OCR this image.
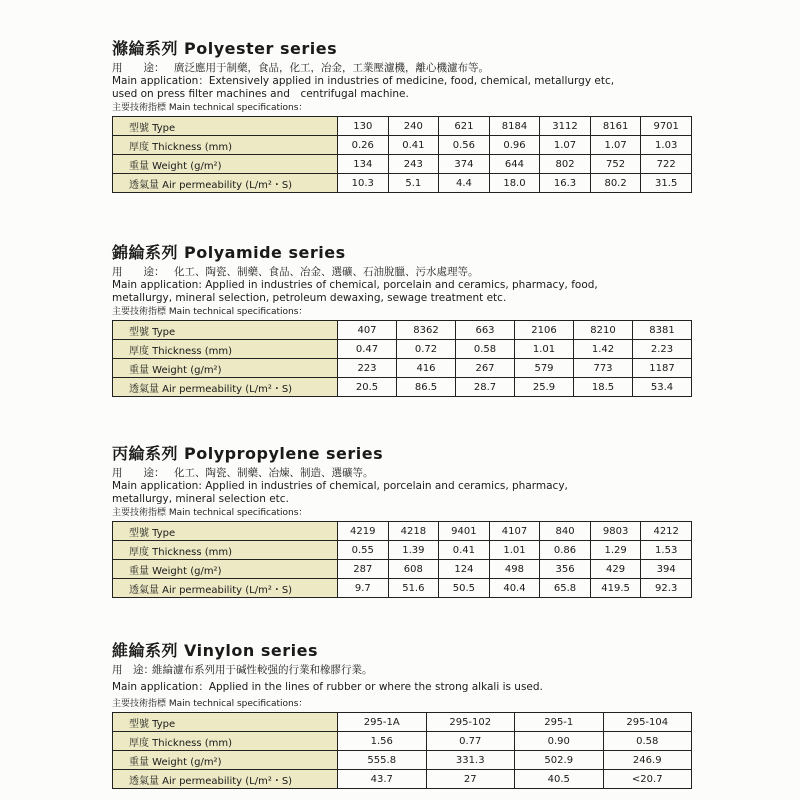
滌綸系列 Polyester series

用　　途： 廣泛應用于制藥，食品，化工，冶金，工業壓濾機，離心機濾布等。

Main application：Extensively applied in industries of medicine, food, chemical, metallurgy etc,

used on press filter machines and　centrifugal machine.

主要技術指標 Main technical specifications：

型號 Type	130	240	621	8184	3112	8161	9701
厚度 Thickness (mm)	0.26	0.41	0.56	0.96	1.07	1.07	1.03
重量 Weight (g/m²)	134	243	374	644	802	752	722
透氣量 Air permeability (L/m²・S)	10.3	5.1	4.4	18.0	16.3	80.2	31.5
錦綸系列 Polyamide series

用　　途： 化工、陶瓷、制藥、食品、冶金、選礦、石油脫臘、污水處理等。

Main application: Applied in industries of chemical, porcelain and ceramics, pharmacy, food,

metallurgy, mineral selection, petroleum dewaxing, sewage treatment etc.

主要技術指標 Main technical specifications：

型號 Type	407	8362	663	2106	8210	8381
厚度 Thickness (mm)	0.47	0.72	0.58	1.01	1.42	2.23
重量 Weight (g/m²)	223	416	267	579	773	1187
透氣量 Air permeability (L/m²・S)	20.5	86.5	28.7	25.9	18.5	53.4
丙綸系列 Polypropylene series

用　　途： 化工、陶瓷、制藥、冶煉、制造、選礦等。

Main application: Applied in industries of chemical, porcelain and ceramics, pharmacy,

metallurgy, mineral selection etc.

主要技術指標 Main technical specifications：

型號 Type	4219	4218	9401	4107	840	9803	4212
厚度 Thickness (mm)	0.55	1.39	0.41	1.01	0.86	1.29	1.53
重量 Weight (g/m²)	287	608	124	498	356	429	394
透氣量 Air permeability (L/m²・S)	9.7	51.6	50.5	40.4	65.8	419.5	92.3
維綸系列 Vinylon series

用　途：維綸濾布系列用于碱性較强的行業和橡膠行業。

Main application：Applied in the lines of rubber or where the strong alkali is used.

主要技術指標 Main technical specifications：

型號 Type	295-1A	295-102	295-1	295-104
厚度 Thickness (mm)	1.56	0.77	0.90	0.58
重量 Weight (g/m²)	555.8	331.3	502.9	246.9
透氣量 Air permeability (L/m²・S)	43.7	27	40.5	<20.7
